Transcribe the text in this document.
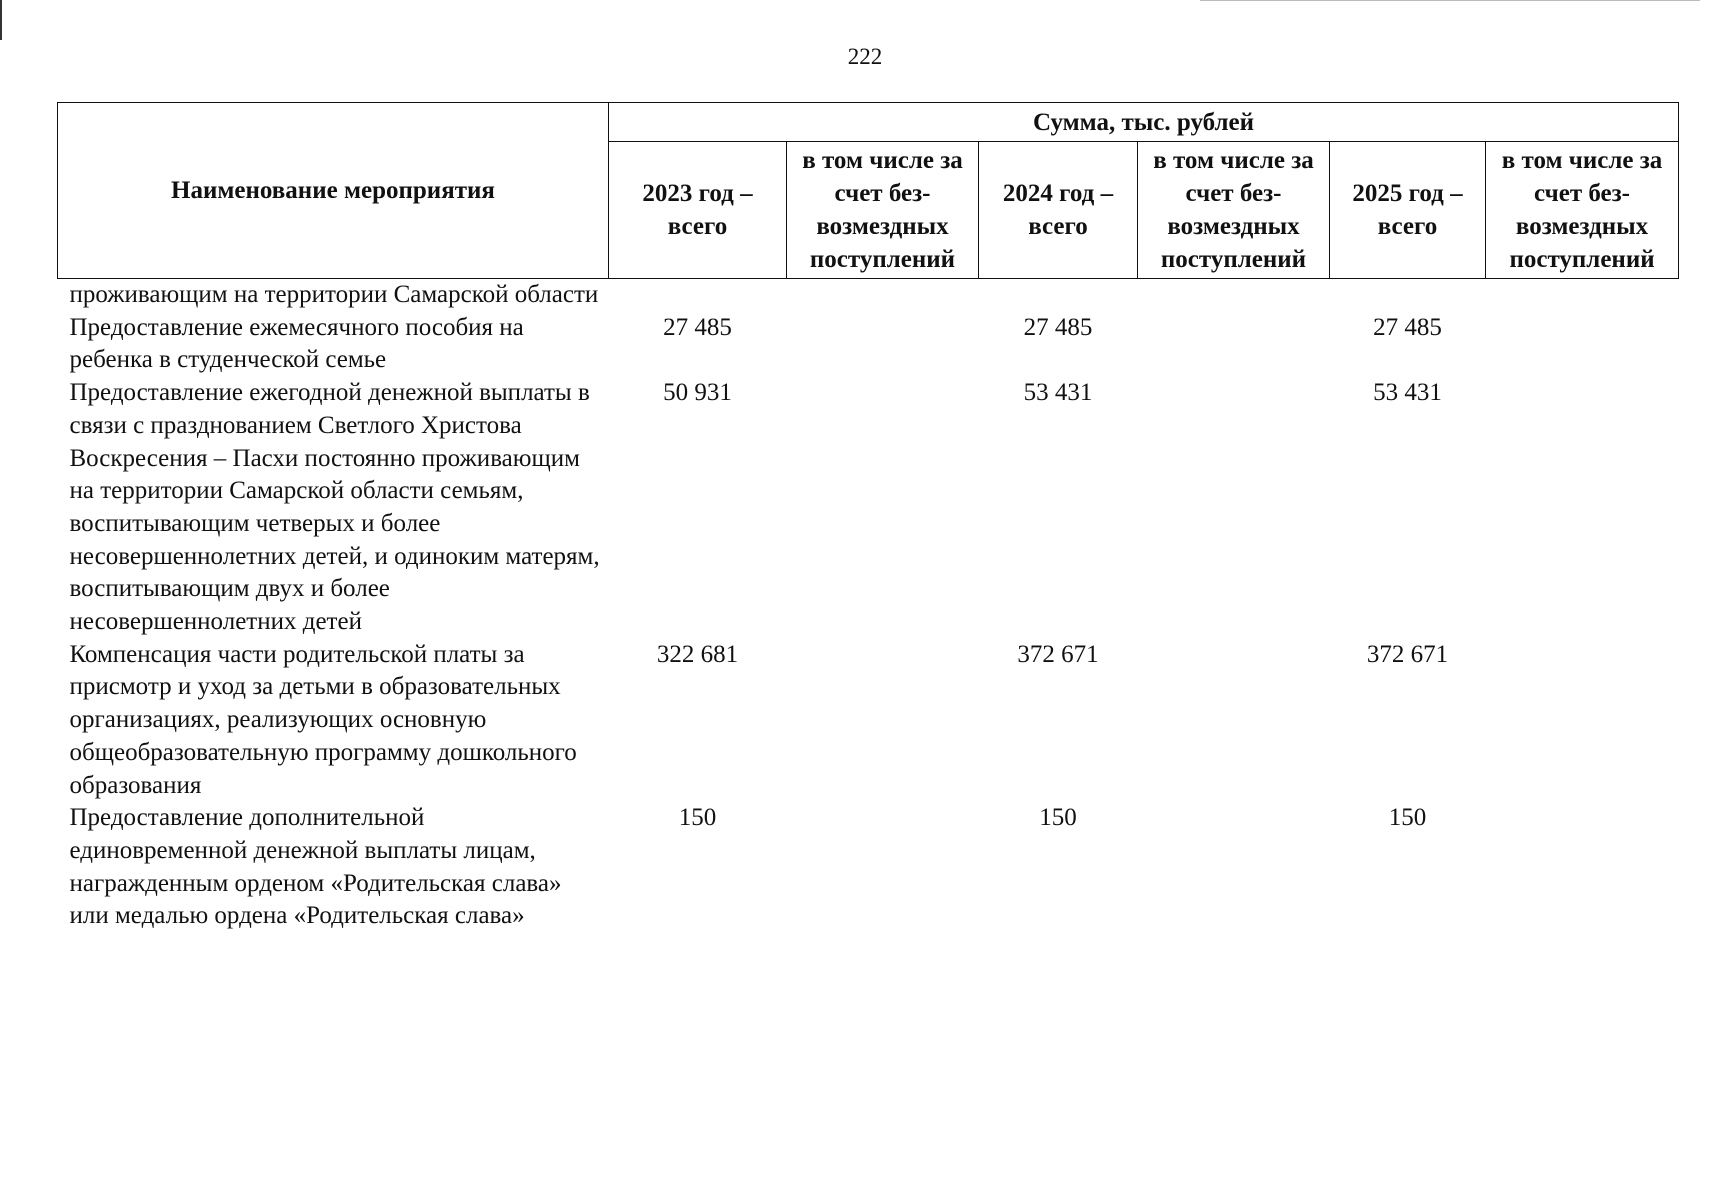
222
Наименование мероприятия	Сумма, тыс. рублей					
	2023 год – всего	в том числе за счет без-возмездных поступлений	2024 год – всего	в том числе за счет без-возмездных поступлений	2025 год – всего	в том числе за счет без-возмездных поступлений
проживающим на территории Самарской области						
Предоставление ежемесячного пособия на ребенка в студенческой семье	27 485		27 485		27 485	
Предоставление ежегодной денежной выплаты в связи с празднованием Светлого Христова Воскресения – Пасхи постоянно проживающим на территории Самарской области семьям, воспитывающим четверых и более несовершеннолетних детей, и одиноким матерям, воспитывающим двух и более несовершеннолетних детей	50 931		53 431		53 431	
Компенсация части родительской платы за присмотр и уход за детьми в образовательных организациях, реализующих основную общеобразовательную программу дошкольного образования	322 681		372 671		372 671	
Предоставление дополнительной единовременной денежной выплаты лицам, награжденным орденом «Родительская слава» или медалью ордена «Родительская слава»	150		150		150	
